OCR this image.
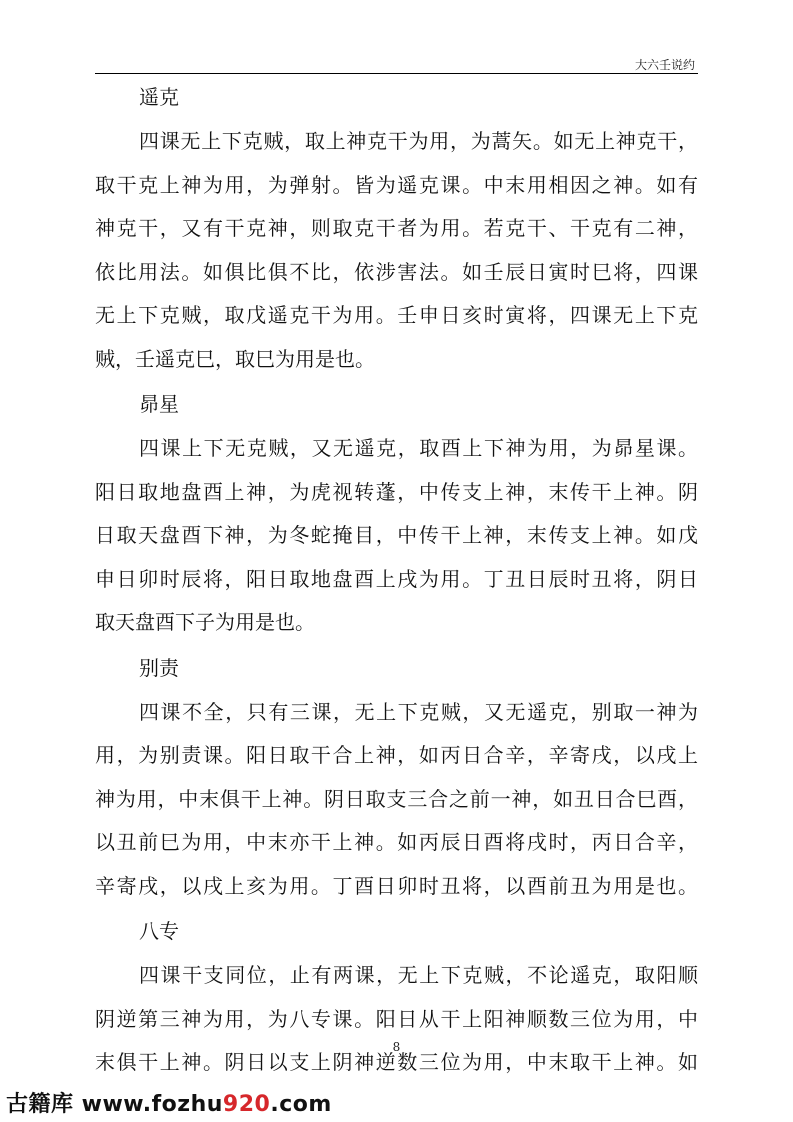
大六壬说约
遥克
四课无上下克贼，取上神克干为用，为蒿矢。如无上神克干，
取干克上神为用，为弹射。皆为遥克课。中末用相因之神。如有
神克干，又有干克神，则取克干者为用。若克干、干克有二神，
依比用法。如俱比俱不比，依涉害法。如壬辰日寅时巳将，四课
无上下克贼，取戊遥克干为用。壬申日亥时寅将，四课无上下克
贼，壬遥克巳，取巳为用是也。
昴星
四课上下无克贼，又无遥克，取酉上下神为用，为昴星课。
阳日取地盘酉上神，为虎视转蓬，中传支上神，末传干上神。阴
日取天盘酉下神，为冬蛇掩目，中传干上神，末传支上神。如戊
申日卯时辰将，阳日取地盘酉上戌为用。丁丑日辰时丑将，阴日
取天盘酉下子为用是也。
别责
四课不全，只有三课，无上下克贼，又无遥克，别取一神为
用，为别责课。阳日取干合上神，如丙日合辛，辛寄戌，以戌上
神为用，中末俱干上神。阴日取支三合之前一神，如丑日合巳酉，
以丑前巳为用，中末亦干上神。如丙辰日酉将戌时，丙日合辛，
辛寄戌，以戌上亥为用。丁酉日卯时丑将，以酉前丑为用是也。
八专
四课干支同位，止有两课，无上下克贼，不论遥克，取阳顺
阴逆第三神为用，为八专课。阳日从干上阳神顺数三位为用，中
末俱干上神。阴日以支上阴神逆数三位为用，中末取干上神。如
8
古籍库 www.fozhu920.com
